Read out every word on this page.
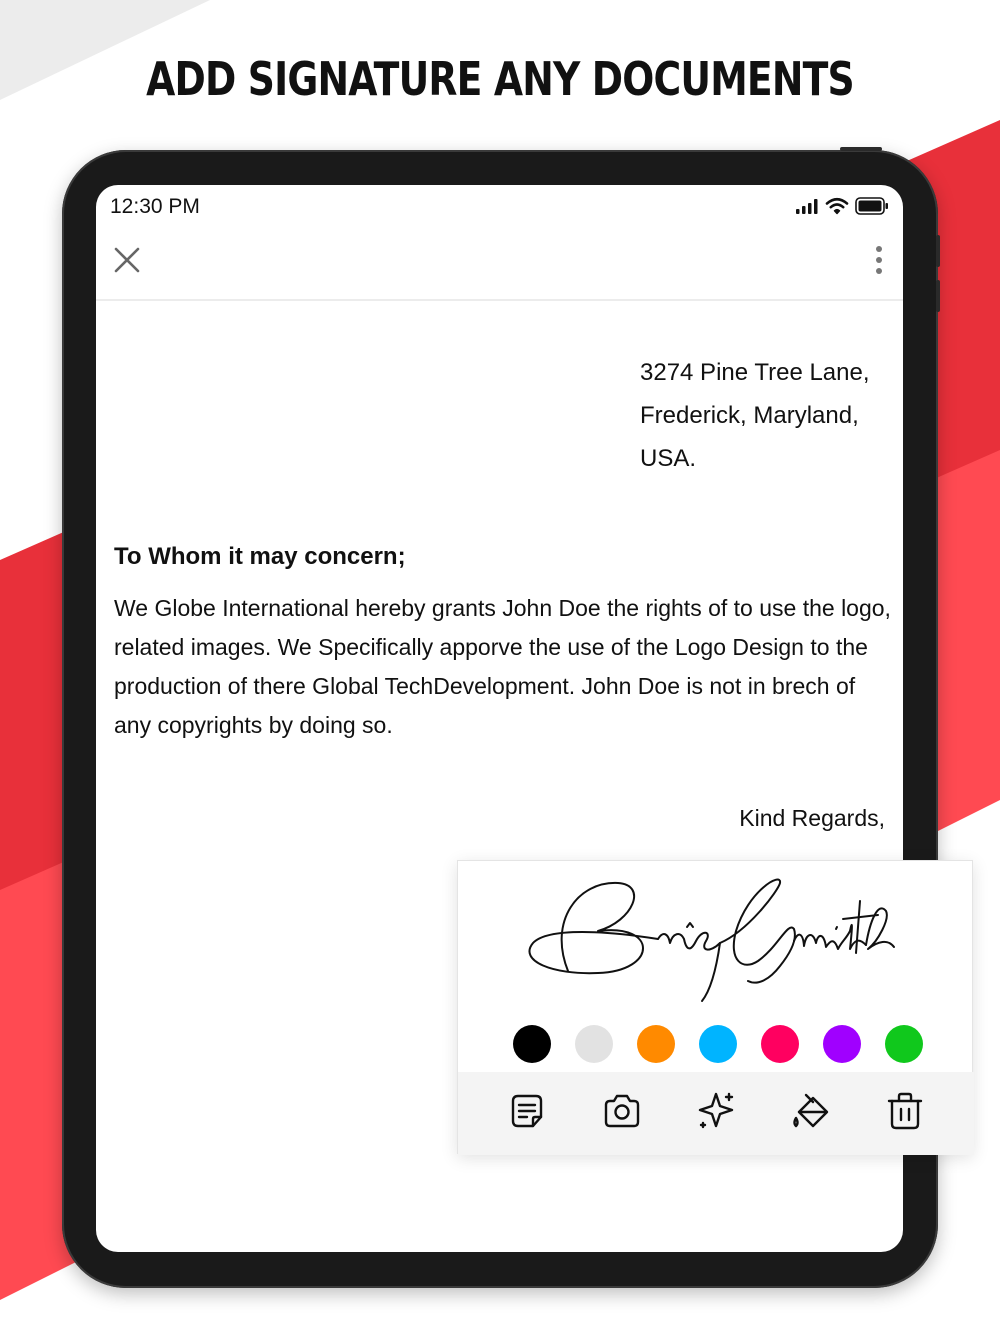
ADD SIGNATURE ANY DOCUMENTS
12:30 PM
3274 Pine Tree Lane,
Frederick, Maryland,
USA.
To Whom it may concern;
We Globe International hereby grants John Doe the rights of to use the logo, related images. We Specifically apporve the use of the Logo Design to the production of there Global TechDevelopment. John Doe is not in brech of any copyrights by doing so.
Kind Regards,
